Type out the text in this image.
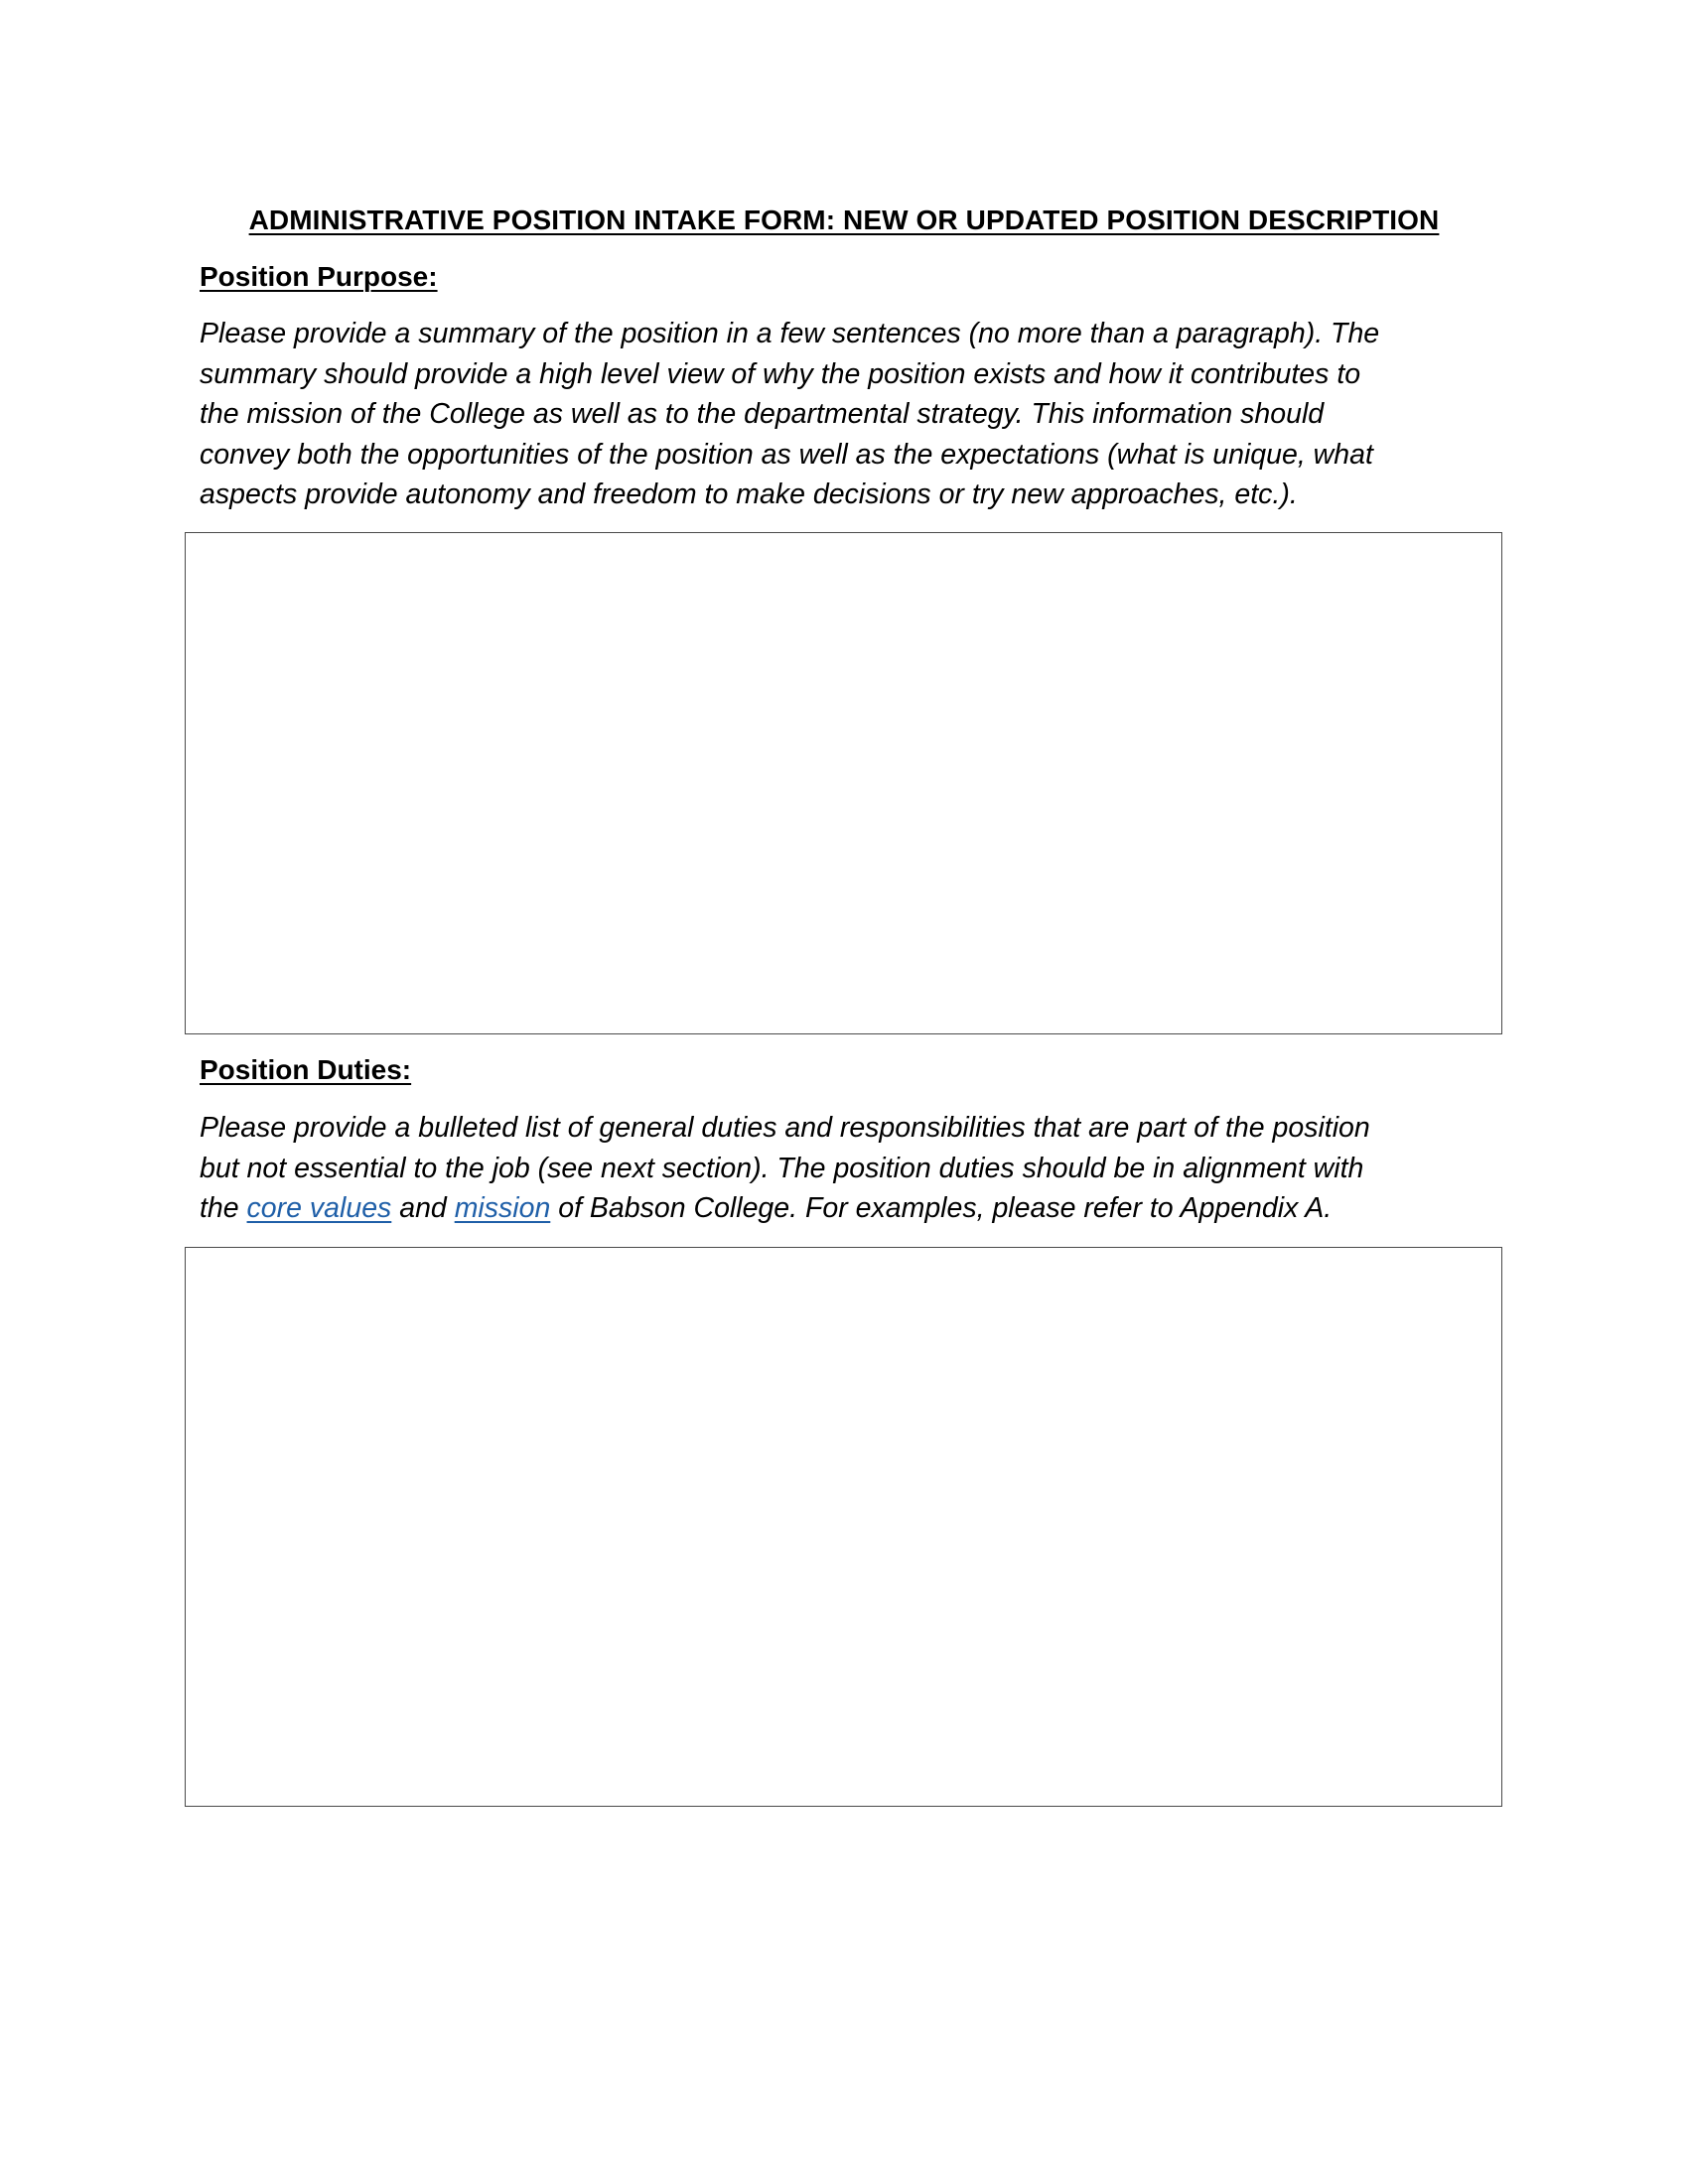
ADMINISTRATIVE POSITION INTAKE FORM: NEW OR UPDATED POSITION DESCRIPTION
Position Purpose:
Please provide a summary of the position in a few sentences (no more than a paragraph). The
summary should provide a high level view of why the position exists and how it contributes to
the mission of the College as well as to the departmental strategy. This information should
convey both the opportunities of the position as well as the expectations (what is unique, what
aspects provide autonomy and freedom to make decisions or try new approaches, etc.).
Position Duties:
Please provide a bulleted list of general duties and responsibilities that are part of the position
but not essential to the job (see next section). The position duties should be in alignment with
the core values and mission of Babson College. For examples, please refer to Appendix A.
